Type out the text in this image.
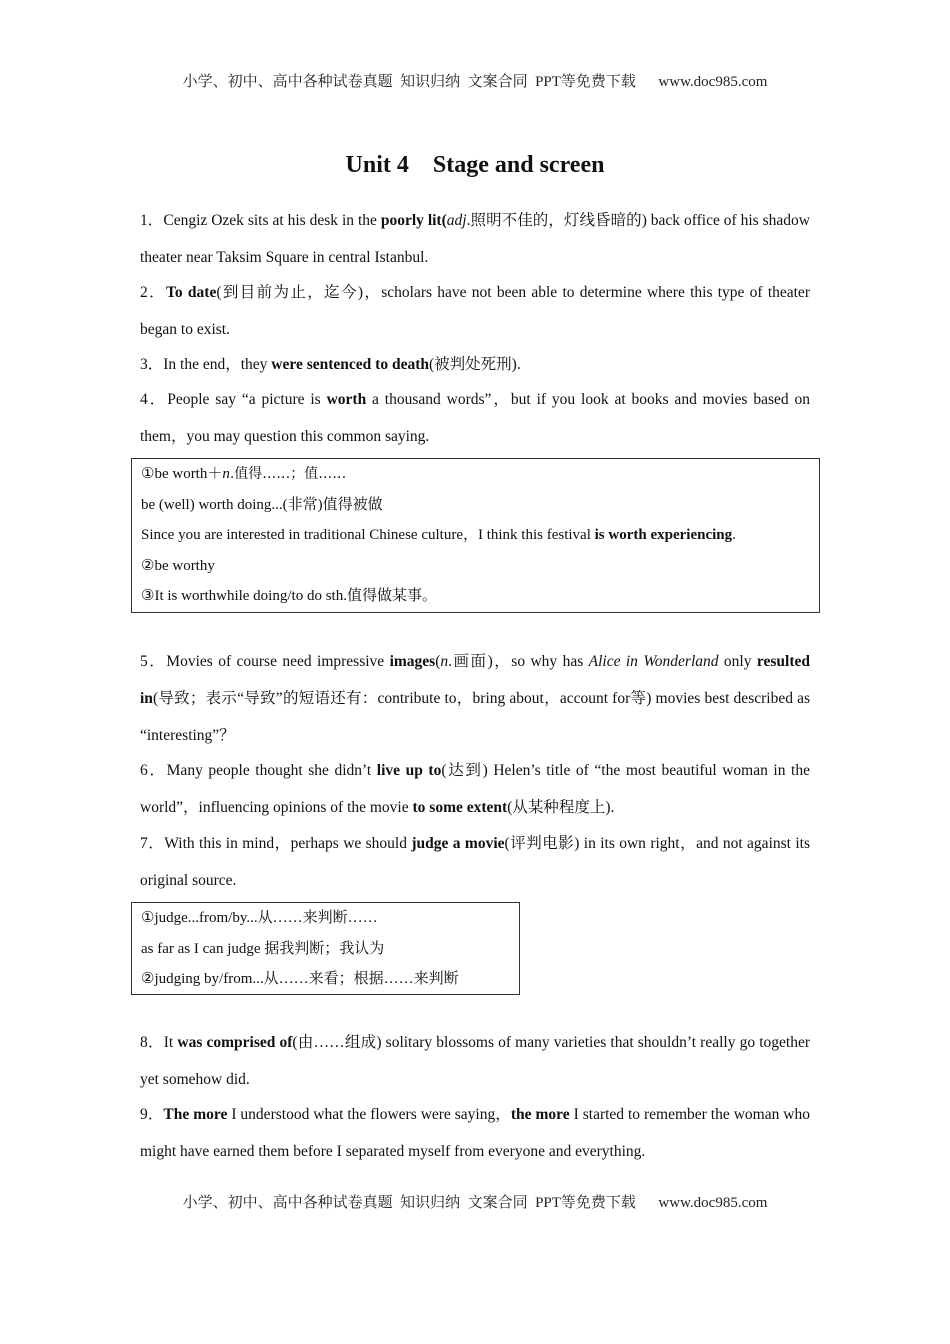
小学、初中、高中各种试卷真题  知识归纳  文案合同  PPT等免费下载      www.doc985.com
Unit 4    Stage and screen
1．Cengiz Ozek sits at his desk in the poorly lit(adj.照明不佳的，灯线昏暗的) back office of his shadow theater near Taksim Square in central Istanbul.
2．To date(到目前为止，迄今)，scholars have not been able to determine where this type of theater began to exist.
3．In the end，they were sentenced to death(被判处死刑).
4．People say “a picture is worth a thousand words”，but if you look at books and movies based on them，you may question this common saying.
①be worth＋n.值得……；值……
be (well) worth doing...(非常)值得被做
Since you are interested in traditional Chinese culture，I think this festival is worth experiencing.
②be worthy
③It is worthwhile doing/to do sth.值得做某事。
5．Movies of course need impressive images(n.画面)，so why has Alice in Wonderland only resulted in(导致；表示“导致”的短语还有：contribute to，bring about，account for等) movies best described as “interesting”？
6．Many people thought she didn’t live up to(达到) Helen’s title of “the most beautiful woman in the world”，influencing opinions of the movie to some extent(从某种程度上).
7．With this in mind，perhaps we should judge a movie(评判电影) in its own right，and not against its original source.
①judge...from/by...从……来判断……
as far as I can judge 据我判断；我认为
②judging by/from...从……来看；根据……来判断
8．It was comprised of(由……组成) solitary blossoms of many varieties that shouldn’t really go together yet somehow did.
9．The more I understood what the flowers were saying，the more I started to remember the woman who might have earned them before I separated myself from everyone and everything.
小学、初中、高中各种试卷真题  知识归纳  文案合同  PPT等免费下载      www.doc985.com
